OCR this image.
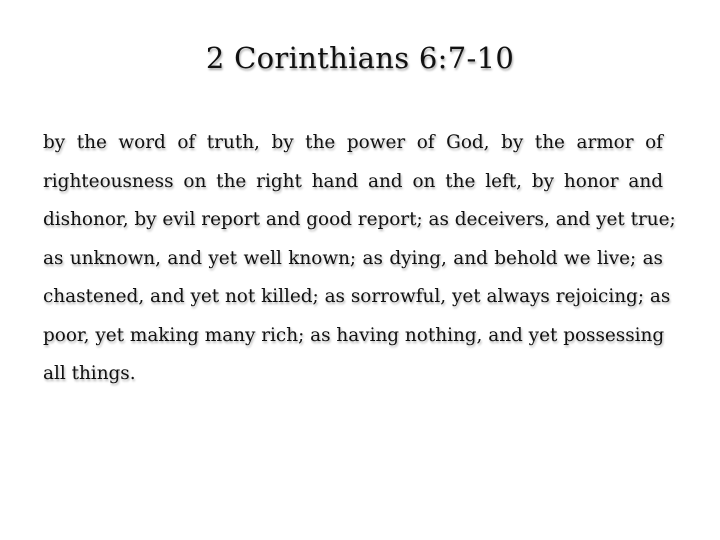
2 Corinthians 6:7-10
by the word of truth, by the power of God, by the armor of
righteousness on the right hand and on the left, by honor and
dishonor, by evil report and good report; as deceivers, and yet true;
as unknown, and yet well known; as dying, and behold we live; as
chastened, and yet not killed; as sorrowful, yet always rejoicing; as
poor, yet making many rich; as having nothing, and yet possessing
all things.
